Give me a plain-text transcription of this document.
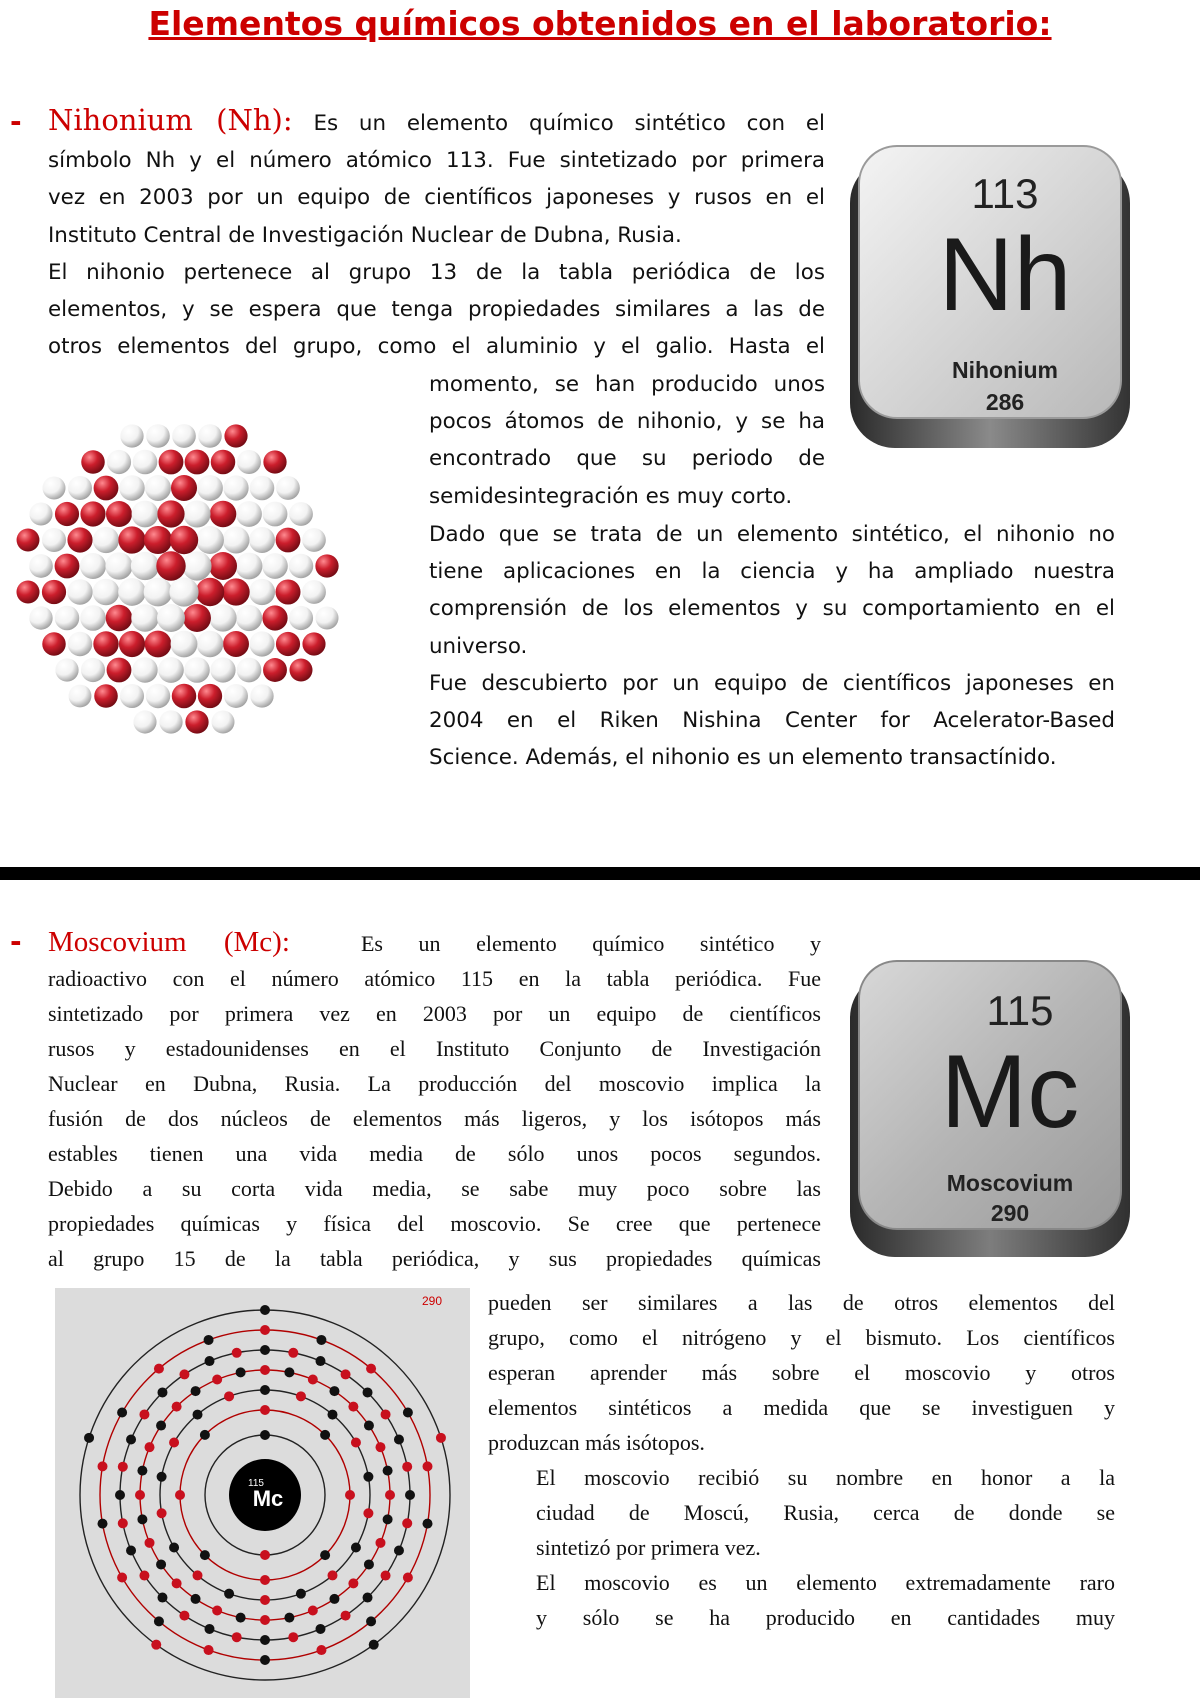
Elementos químicos obtenidos en el laboratorio:
- Nihonium (Nh): Es un elemento químico sintético con el

símbolo Nh y el número atómico 113. Fue sintetizado por primera

vez en 2003 por un equipo de científicos japoneses y rusos en el

Instituto Central de Investigación Nuclear de Dubna, Rusia.

El nihonio pertenece al grupo 13 de la tabla periódica de los

elementos, y se espera que tenga propiedades similares a las de

otros elementos del grupo, como el aluminio y el galio. Hasta el

momento, se han producido unos

pocos átomos de nihonio, y se ha

encontrado que su periodo de

semidesintegración es muy corto.

Dado que se trata de un elemento sintético, el nihonio no

tiene aplicaciones en la ciencia y ha ampliado nuestra

comprensión de los elementos y su comportamiento en el

universo.

Fue descubierto por un equipo de científicos japoneses en

2004 en el Riken Nishina Center for Acelerator-Based

Science. Además, el nihonio es un elemento transactínido.

113
Nh
Nihonium
286
- Moscovium (Mc):	Es un elemento químico sintético y

radioactivo con el número atómico 115 en la tabla periódica. Fue

sintetizado por primera vez en 2003 por un equipo de científicos

rusos y estadounidenses en el Instituto Conjunto de Investigación

Nuclear en Dubna, Rusia. La producción del moscovio implica la

fusión de dos núcleos de elementos más ligeros, y los isótopos más

estables tienen una vida media de sólo unos pocos segundos.

Debido a su corta vida media, se sabe muy poco sobre las

propiedades químicas y física del moscovio. Se cree que pertenece

al grupo 15 de la tabla periódica, y sus propiedades químicas

pueden ser similares a las de otros elementos del

grupo, como el nitrógeno y el bismuto. Los científicos

esperan aprender más sobre el moscovio y otros

elementos sintéticos a medida que se investiguen y

produzcan más isótopos.

El moscovio recibió su nombre en honor a la

ciudad de Moscú, Rusia, cerca de donde se

sintetizó por primera vez.

El moscovio es un elemento extremadamente raro

y sólo se ha producido en cantidades muy

115
Mc
Moscovium
290
290
115
Mc
